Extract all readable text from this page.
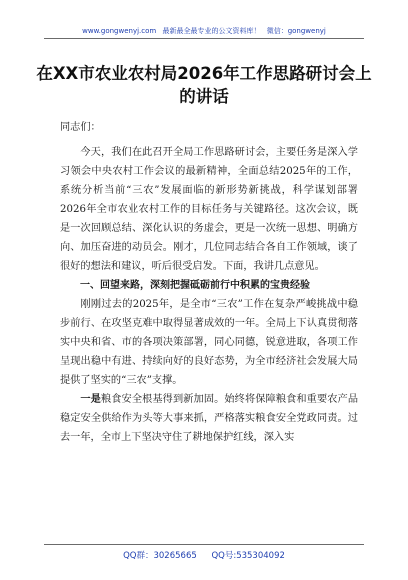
www.gongwenyj.com 最新最全最专业的公文资料库！ 微信：gongwenyj
在XX市农业农村局2026年工作思路研讨会上的讲话

同志们：

今天，我们在此召开全局工作思路研讨会，主要任务是深入学习领会中央农村工作会议的最新精神，全面总结2025年的工作，系统分析当前“三农”发展面临的新形势新挑战，科学谋划部署2026年全市农业农村工作的目标任务与关键路径。这次会议，既是一次回顾总结、深化认识的务虚会，更是一次统一思想、明确方向、加压奋进的动员会。刚才，几位同志结合各自工作领域，谈了很好的想法和建议，听后很受启发。下面，我讲几点意见。

一、回望来路，深刻把握砥砺前行中积累的宝贵经验

刚刚过去的2025年，是全市“三农”工作在复杂严峻挑战中稳步前行、在攻坚克难中取得显著成效的一年。全局上下认真贯彻落实中央和省、市的各项决策部署，同心同德，锐意进取，各项工作呈现出稳中有进、持续向好的良好态势，为全市经济社会发展大局提供了坚实的“三农”支撑。

一是粮食安全根基得到新加固。始终将保障粮食和重要农产品稳定安全供给作为头等大事来抓，严格落实粮食安全党政同责。过去一年，全市上下坚决守住了耕地保护红线，深入实

QQ群：30265665 QQ号:535304092
